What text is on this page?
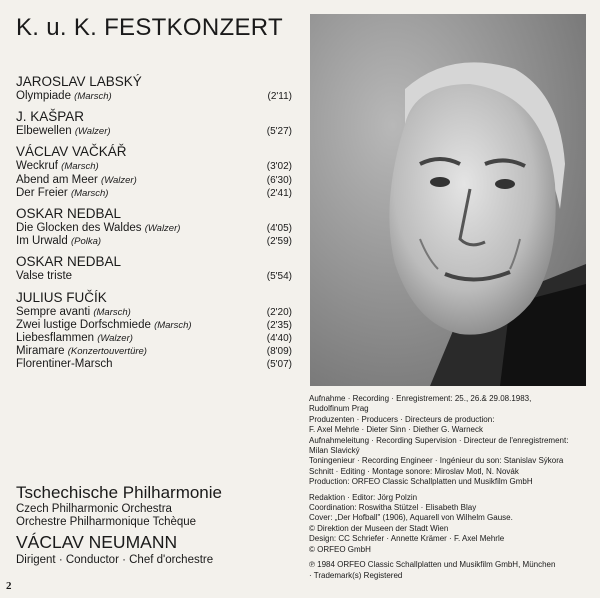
K. u. K. FESTKONZERT
JAROSLAV LABSKÝ
Olympiade (Marsch)	(2'11)
J. KAŠPAR
Elbewellen (Walzer)	(5'27)
VÁCLAV VAČKÁŘ
Weckruf (Marsch)	(3'02)
Abend am Meer (Walzer)	(6'30)
Der Freier (Marsch)	(2'41)
OSKAR NEDBAL
Die Glocken des Waldes (Walzer)	(4'05)
Im Urwald (Polka)	(2'59)
OSKAR NEDBAL
Valse triste	(5'54)
JULIUS FUČÍK
Sempre avanti (Marsch)	(2'20)
Zwei lustige Dorfschmiede (Marsch)	(2'35)
Liebesflammen (Walzer)	(4'40)
Miramare (Konzertouvertüre)	(8'09)
Florentiner-Marsch	(5'07)
Tschechische Philharmonie
Czech Philharmonic Orchestra
Orchestre Philharmonique Tchèque
VÁCLAV NEUMANN
Dirigent · Conductor · Chef d'orchestre
2
Aufnahme · Recording · Enregistrement: 25., 26.& 29.08.1983,
Rudolfinum Prag
Produzenten · Producers · Directeurs de production:
F. Axel Mehrle · Dieter Sinn · Diether G. Warneck
Aufnahmeleitung · Recording Supervision · Directeur de l'enregistrement:
Milan Slavický
Toningenieur · Recording Engineer · Ingénieur du son: Stanislav Sýkora
Schnitt · Editing · Montage sonore: Miroslav Motl, N. Novák
Production: ORFEO Classic Schallplatten und Musikfilm GmbH
Redaktion · Editor: Jörg Polzin
Coordination: Roswitha Stützel · Elisabeth Blay
Cover: „Der Hofball" (1906), Aquarell von Wilhelm Gause.
© Direktion der Museen der Stadt Wien
Design: CC Schriefer · Annette Krämer · F. Axel Mehrle
© ORFEO GmbH
℗ 1984 ORFEO Classic Schallplatten und Musikfilm GmbH, München
· Trademark(s) Registered
